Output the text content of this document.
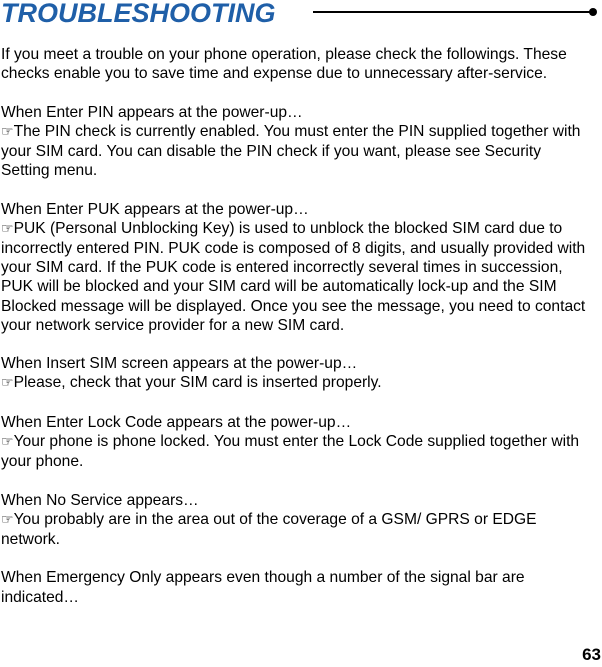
TROUBLESHOOTING

If you meet a trouble on your phone operation, please check the followings. These checks enable you to save time and expense due to unnecessary after-service.

When Enter PIN appears at the power-up…

☞The PIN check is currently enabled. You must enter the PIN supplied together with your SIM card. You can disable the PIN check if you want, please see Security Setting menu.

When Enter PUK appears at the power-up…

☞PUK (Personal Unblocking Key) is used to unblock the blocked SIM card due to incorrectly entered PIN. PUK code is composed of 8 digits, and usually provided with your SIM card. If the PUK code is entered incorrectly several times in succession, PUK will be blocked and your SIM card will be automatically lock-up and the SIM Blocked message will be displayed. Once you see the message, you need to contact your network service provider for a new SIM card.

When Insert SIM screen appears at the power-up…

☞Please, check that your SIM card is inserted properly.

When Enter Lock Code appears at the power-up…

☞Your phone is phone locked. You must enter the Lock Code supplied together with your phone.

When No Service appears…

☞You probably are in the area out of the coverage of a GSM/ GPRS or EDGE network.

When Emergency Only appears even though a number of the signal bar are indicated…

63
